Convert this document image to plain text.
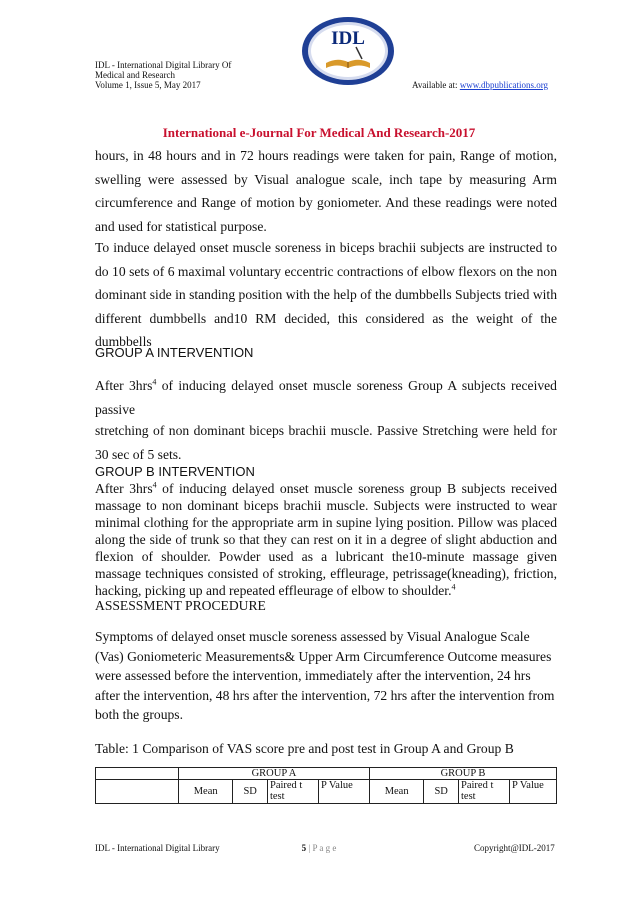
IDL - International Digital Library Of
Medical and Research
Volume 1, Issue 5, May 2017
IDL
Available at: www.dbpublications.org
International e-Journal For Medical And Research-2017
hours, in 48 hours and in 72 hours readings were taken for pain, Range of motion, swelling were assessed by Visual analogue scale, inch tape by measuring Arm circumference and Range of motion by goniometer. And these readings were noted and used for statistical purpose.
To induce delayed onset muscle soreness in biceps brachii subjects are instructed to do 10 sets of 6 maximal voluntary eccentric contractions of elbow flexors on the non dominant side in standing position with the help of the dumbbells Subjects tried with different dumbbells and10 RM decided, this considered as the weight of the dumbbells
GROUP A INTERVENTION
After 3hrs$^4$ of inducing delayed onset muscle soreness Group A subjects received passive
stretching of non dominant biceps brachii muscle. Passive Stretching were held for 30 sec of 5 sets.
GROUP B INTERVENTION
After 3hrs$^4$ of inducing delayed onset muscle soreness group B subjects received massage to non dominant biceps brachii muscle. Subjects were instructed to wear minimal clothing for the appropriate arm in supine lying position. Pillow was placed along the side of trunk so that they can rest on it in a degree of slight abduction and flexion of shoulder. Powder used as a lubricant the10-minute massage given massage techniques consisted of stroking, effleurage, petrissage(kneading), friction, hacking, picking up and repeated effleurage of elbow to shoulder.$^4$
ASSESSMENT PROCEDURE
Symptoms of delayed onset muscle soreness assessed by Visual Analogue Scale (Vas) Goniometeric Measurements& Upper Arm Circumference Outcome measures were assessed before the intervention, immediately after the intervention, 24 hrs after the intervention, 48 hrs after the intervention, 72 hrs after the intervention from both the groups.
Table: 1 Comparison of VAS score pre and post test in Group A and Group B
	GROUP A				GROUP B			
	Mean	SD	Paired t test	P Value	Mean	SD	Paired t test	P Value
IDL - International Digital Library	5 | P a g e	Copyright@IDL-2017
